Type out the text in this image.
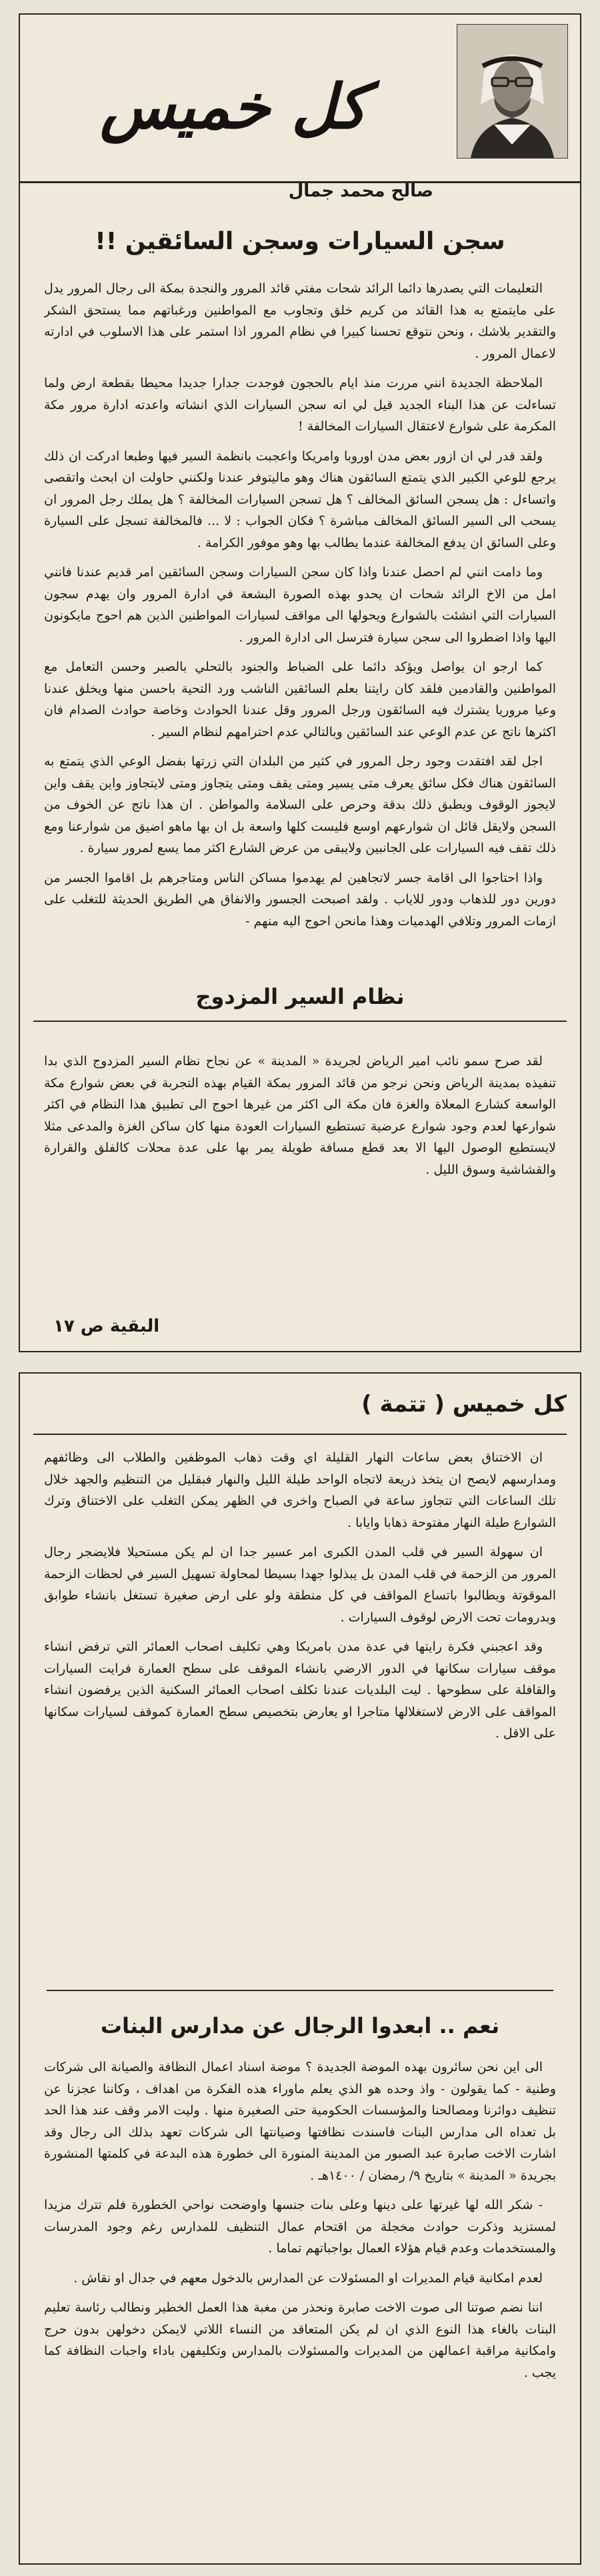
كل خميس
صالح محمد جمال
سجن السيارات وسجن السائقين !!

التعليمات التي يصدرها دائما الرائد شحات مفتي قائد المرور والنجدة بمكة الى رجال المرور يدل على مايتمتع به هذا القائد من كريم خلق وتجاوب مع المواطنين ورغباتهم مما يستحق الشكر والتقدير بلاشك ، ونحن نتوقع تحسنا كبيرا في نظام المرور اذا استمر على هذا الاسلوب في ادارته لاعمال المرور .

الملاحظة الجديدة انني مررت منذ ايام بالحجون فوجدت جدارا جديدا محيطا بقطعة ارض ولما تساءلت عن هذا البناء الجديد قيل لي انه سجن السيارات الذي انشاته واعدته ادارة مرور مكة المكرمة على شوارع لاعتقال السيارات المخالفة !

ولقد قدر لي ان ازور بعض مدن اوروبا وامريكا واعجبت بانظمة السير فيها وطبعا ادركت ان ذلك يرجع للوعي الكبير الذي يتمتع السائقون هناك وهو ماليتوفر عندنا ولكنني حاولت ان ابحث واتقصى واتساءل : هل يسجن السائق المخالف ؟ هل تسجن السيارات المخالفة ؟ هل يملك رجل المرور ان يسحب الى السير السائق المخالف مباشرة ؟ فكان الجواب : لا ... فالمخالفة تسجل على السيارة وعلى السائق ان يدفع المخالفة عندما يطالب بها وهو موفور الكرامة .

وما دامت انني لم احصل عندنا واذا كان سجن السيارات وسجن السائقين امر قديم عندنا فانني امل من الاخ الرائد شحات ان يحدو بهذه الصورة البشعة في ادارة المرور وان يهدم سجون السيارات التي انشئت بالشوارع ويحولها الى مواقف لسيارات المواطنين الذين هم احوج مايكونون اليها واذا اضطروا الى سجن سيارة فترسل الى ادارة المرور .

كما ارجو ان يواصل ويؤكد دائما على الضباط والجنود بالتحلي بالصبر وحسن التعامل مع المواطنين والقادمين فلقد كان رايتنا بعلم السائقين الناشب ورد التحية باحسن منها ويخلق عندنا وعيا مروريا يشترك فيه السائقون ورجل المرور وقل عندنا الحوادث وخاصة حوادث الصدام فان اكثرها ناتج عن عدم الوعي عند السائقين وبالتالي عدم احترامهم لنظام السير .

اجل لقد افتقدت وجود رجل المرور في كثير من البلدان التي زرتها بفضل الوعي الذي يتمتع به السائقون هناك فكل سائق يعرف متى يسير ومتى يقف ومتى يتجاوز ومتى لايتجاوز واين يقف واين لايجوز الوقوف ويطبق ذلك بدقة وحرص على السلامة والمواطن . ان هذا ناتج عن الخوف من السجن ولايقل قائل ان شوارعهم اوسع فليست كلها واسعة بل ان بها ماهو اضيق من شوارعنا ومع ذلك تقف فيه السيارات على الجانبين ولايبقى من عرض الشارع اكثر مما يسع لمرور سيارة .

واذا احتاجوا الى اقامة جسر لاتجاهين لم يهدموا مساكن الناس ومتاجرهم بل اقاموا الجسر من دورين دور للذهاب ودور للاياب . ولقد اصبحت الجسور والانفاق هي الطريق الحديثة للتغلب على ازمات المرور وتلافي الهدميات وهذا مانحن احوج اليه منهم -

نظام السير المزدوج

لقد صرح سمو نائب امير الرياض لجريدة « المدينة » عن نجاح نظام السير المزدوج الذي بدا تنفيذه بمدينة الرياض ونحن نرجو من قائد المرور بمكة القيام بهذه التجربة في بعض شوارع مكة الواسعة كشارع المعلاة والغزة فان مكة الى اكثر من غيرها احوج الى تطبيق هذا النظام في اكثر شوارعها لعدم وجود شوارع عرضية تستطيع السيارات العودة منها كان ساكن الغزة والمدعى مثلا لايستطيع الوصول اليها الا بعد قطع مسافة طويلة يمر بها على عدة محلات كالفلق والقرارة والقشاشية وسوق الليل .

البقية ص ١٧
كل خميس ( تتمة )

ان الاختناق بعض ساعات النهار القليلة اي وقت ذهاب الموظفين والطلاب الى وظائفهم ومدارسهم لايصح ان يتخذ ذريعة لاتجاه الواحد طيلة الليل والنهار فبقليل من التنظيم والجهد خلال تلك الساعات التي تتجاوز ساعة في الصباح واخرى في الظهر يمكن التغلب على الاختناق وترك الشوارع طيلة النهار مفتوحة ذهابا وايابا .

ان سهولة السير في قلب المدن الكبرى امر عسير جدا ان لم يكن مستحيلا فلايضجر رجال المرور من الزحمة في قلب المدن بل يبذلوا جهدا بسيطا لمحاولة تسهيل السير في لحظات الزحمة الموقوتة ويطالبوا باتساع المواقف في كل منطقة ولو على ارض صغيرة تستغل بانشاء طوابق وبدرومات تحت الارض لوقوف السيارات .

وقد اعجبني فكرة رايتها في عدة مدن بامريكا وهي تكليف اصحاب العمائر التي ترفض انشاء موقف سيارات سكانها في الدور الارضي بانشاء الموقف على سطح العمارة فرايت السيارات والقافلة على سطوحها . ليت البلديات عندنا تكلف اصحاب العمائر السكنية الذين يرفضون انشاء المواقف على الارض لاستغلالها متاجرا او يعارض بتخصيص سطح العمارة كموقف لسيارات سكانها على الاقل .

نعم .. ابعدوا الرجال عن مدارس البنات

الى اين نحن سائرون بهذه الموضة الجديدة ؟ موضة اسناد اعمال النظافة والصيانة الى شركات وطنية - كما يقولون - واذ وحده هو الذي يعلم ماوراء هذه الفكرة من اهداف ، وكاننا عجزنا عن تنظيف دوائرنا ومصالحنا والمؤسسات الحكومية حتى الصغيرة منها . وليت الامر وقف عند هذا الحد بل تعداه الى مدارس البنات فاسندت نظافتها وصيانتها الى شركات تعهد بذلك الى رجال وقد اشارت الاخت صابرة عبد الصبور من المدينة المنورة الى خطورة هذه البدعة في كلمتها المنشورة بجريدة « المدينة » بتاريخ ٩/ رمضان / ١٤٠٠هـ .

- شكر الله لها غيرتها على دينها وعلى بنات جنسها واوضحت نواحي الخطورة فلم تترك مزيدا لمستزيد وذكرت حوادث مخجلة من اقتحام عمال التنظيف للمدارس رغم وجود المدرسات والمستخدمات وعدم قيام هؤلاء العمال بواجباتهم تماما .

لعدم امكانية قيام المديرات او المسئولات عن المدارس بالدخول معهم في جدال او نقاش .

اننا نضم صوتنا الى صوت الاخت صابرة ونحذر من مغبة هذا العمل الخطير ونطالب رئاسة تعليم البنات بالغاء هذا النوع الذي ان لم يكن المتعاقد من النساء اللاتي لايمكن دخولهن بدون حرج وامكانية مراقبة اعمالهن من المديرات والمسئولات بالمدارس وتكليفهن باداء واجبات النظافة كما يجب .
